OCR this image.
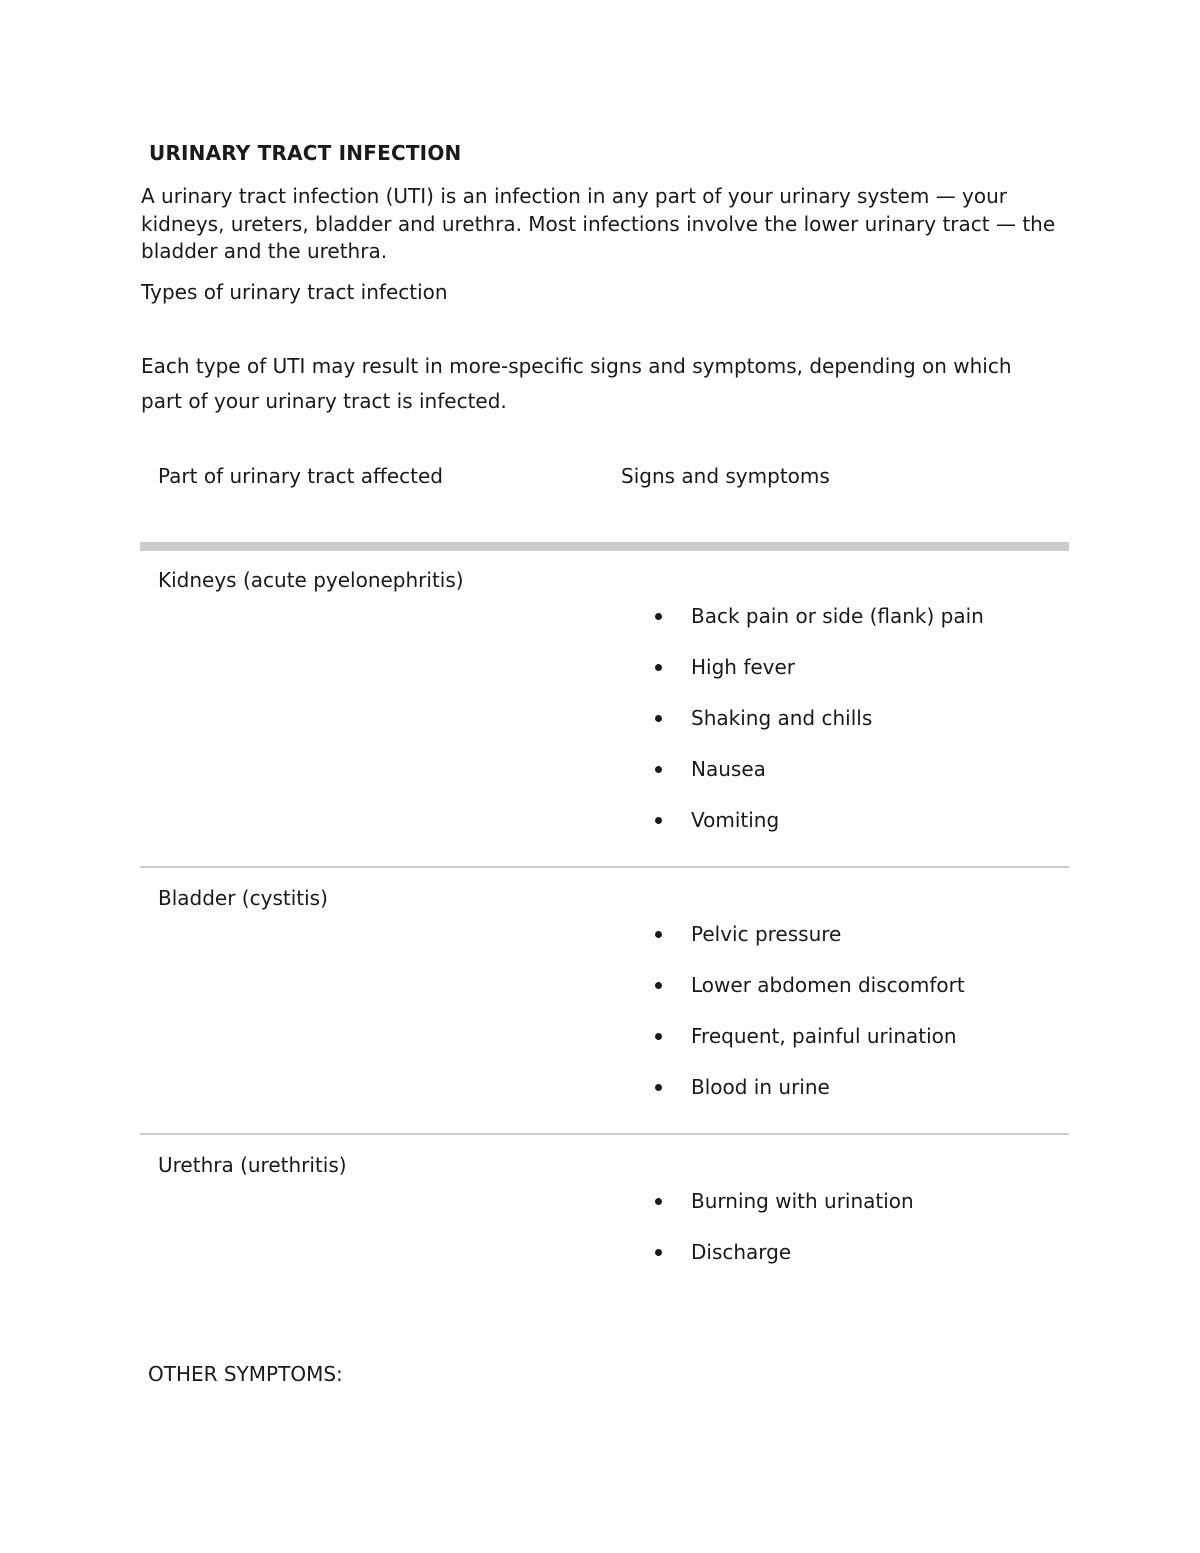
URINARY TRACT INFECTION

A urinary tract infection (UTI) is an infection in any part of your urinary system — your kidneys, ureters, bladder and urethra. Most infections involve the lower urinary tract — the bladder and the urethra.

Types of urinary tract infection

Each type of UTI may result in more-specific signs and symptoms, depending on which part of your urinary tract is infected.

Part of urinary tract affected	Signs and symptoms
Kidneys (acute pyelonephritis)
Back pain or side (flank) pain
High fever
Shaking and chills
Nausea
Vomiting
Bladder (cystitis)
Pelvic pressure
Lower abdomen discomfort
Frequent, painful urination
Blood in urine
Urethra (urethritis)
Burning with urination
Discharge
OTHER SYMPTOMS:
